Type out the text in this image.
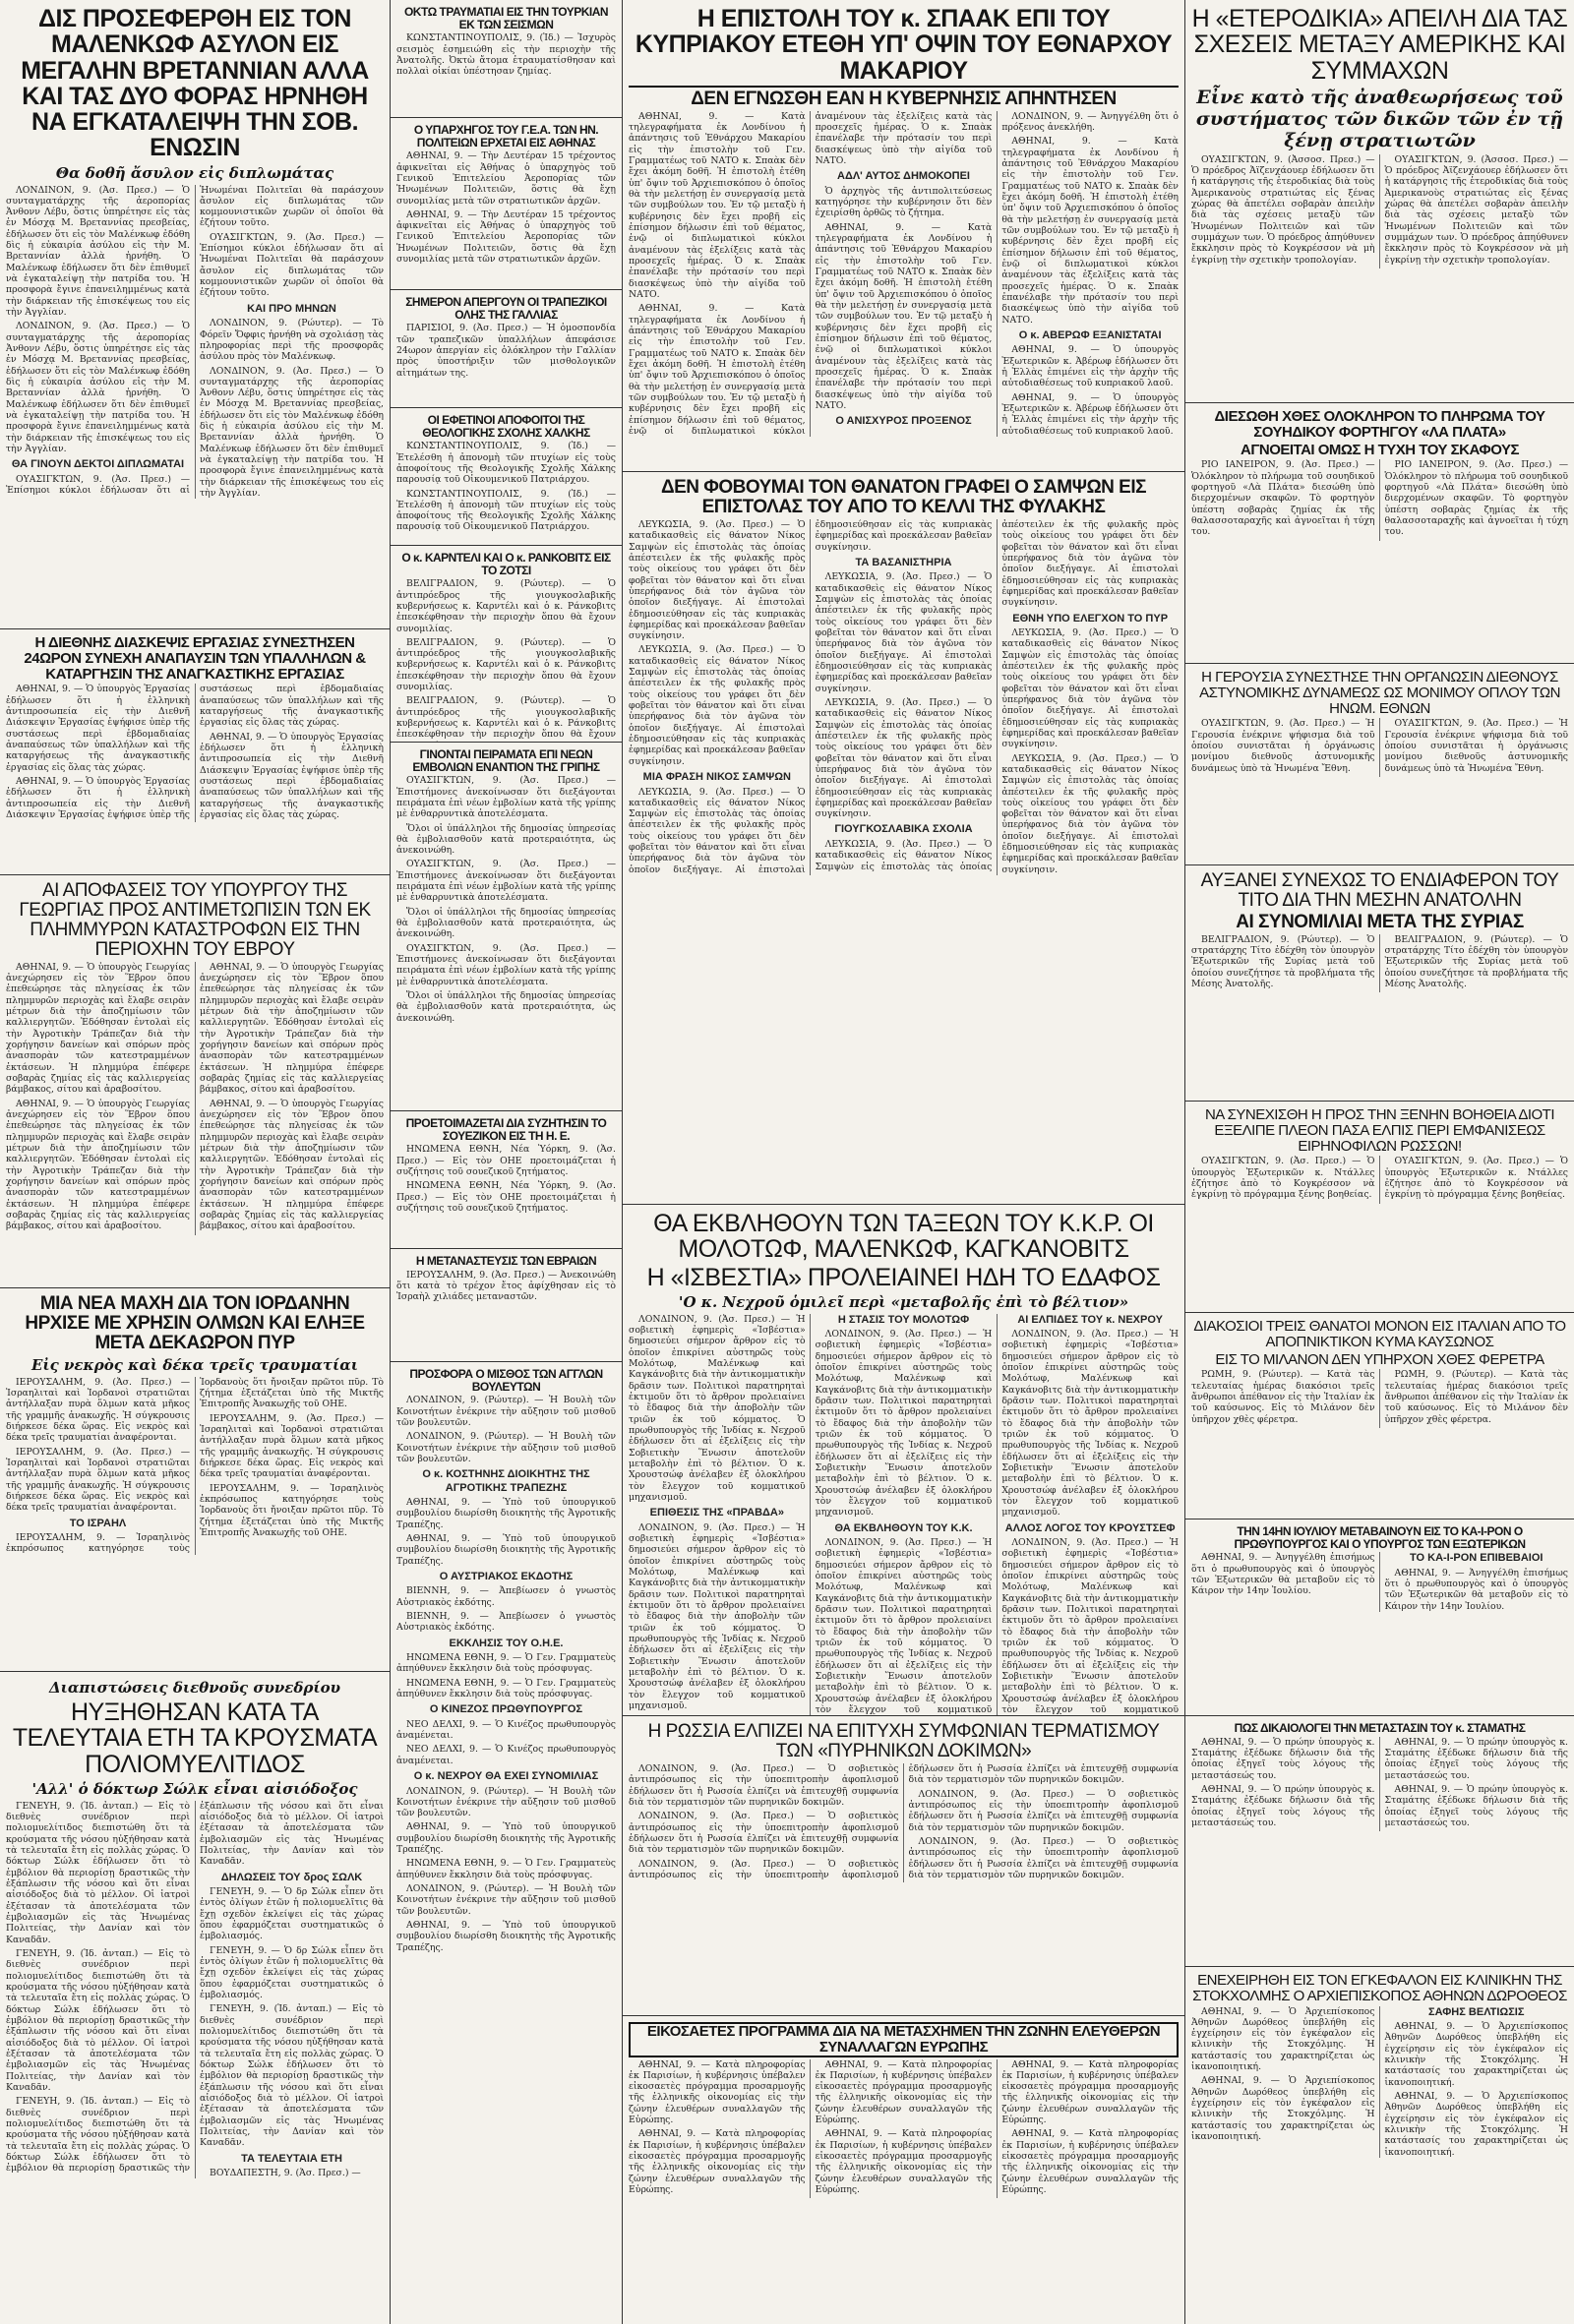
ΔΙΣ ΠΡΟΣΕΦΕΡΘΗ ΕΙΣ ΤΟΝ ΜΑΛΕΝΚΩΦ ΑΣΥΛΟΝ ΕΙΣ ΜΕΓΑΛΗΝ ΒΡΕΤΑΝΝΙΑΝ ΑΛΛΑ ΚΑΙ ΤΑΣ ΔΥΟ ΦΟΡΑΣ ΗΡΝΗΘΗ ΝΑ ΕΓΚΑΤΑΛΕΙΨΗ ΤΗΝ ΣΟΒ. ΕΝΩΣΙΝ
Θα δοθῆ ἄσυλον εἰς διπλωμάτας

ΛΟΝΔΙΝΟΝ, 9. (Ἀσ. Πρεσ.) — Ὁ συνταγματάρχης τῆς ἀεροπορίας Ἀνθονν Λέβυ, ὅστις ὑπηρέτησε εἰς τὰς ἐν Μόσχᾳ Μ. Βρεταννίας πρεσβείας, ἐδήλωσεν ὅτι εἰς τὸν Μαλένκωφ ἐδόθη δὶς ἡ εὐκαιρία ἀσύλου εἰς τὴν Μ. Βρεταννίαν ἀλλὰ ἠρνήθη. Ὁ Μαλένκωφ ἐδήλωσεν ὅτι δὲν ἐπιθυμεῖ νὰ ἐγκαταλείψῃ τὴν πατρίδα του. Ἡ προσφορὰ ἔγινε ἐπανειλημμένως κατὰ τὴν διάρκειαν τῆς ἐπισκέψεως του εἰς τὴν Ἀγγλίαν.

ΛΟΝΔΙΝΟΝ, 9. (Ἀσ. Πρεσ.) — Ὁ συνταγματάρχης τῆς ἀεροπορίας Ἀνθονν Λέβυ, ὅστις ὑπηρέτησε εἰς τὰς ἐν Μόσχᾳ Μ. Βρεταννίας πρεσβείας, ἐδήλωσεν ὅτι εἰς τὸν Μαλένκωφ ἐδόθη δὶς ἡ εὐκαιρία ἀσύλου εἰς τὴν Μ. Βρεταννίαν ἀλλὰ ἠρνήθη. Ὁ Μαλένκωφ ἐδήλωσεν ὅτι δὲν ἐπιθυμεῖ νὰ ἐγκαταλείψῃ τὴν πατρίδα του. Ἡ προσφορὰ ἔγινε ἐπανειλημμένως κατὰ τὴν διάρκειαν τῆς ἐπισκέψεως του εἰς τὴν Ἀγγλίαν.

ΘΑ ΓΙΝΟΥΝ ΔΕΚΤΟΙ ΔΙΠΛΩΜΑΤΑΙ

ΟΥΑΣΙΓΚΤΩΝ, 9. (Ἀσ. Πρεσ.) — Ἐπίσημοι κύκλοι ἐδήλωσαν ὅτι αἱ Ἡνωμέναι Πολιτεῖαι θὰ παράσχουν ἄσυλον εἰς διπλωμάτας τῶν κομμουνιστικῶν χωρῶν οἱ ὁποῖοι θὰ ἐζήτουν τοῦτο.

ΟΥΑΣΙΓΚΤΩΝ, 9. (Ἀσ. Πρεσ.) — Ἐπίσημοι κύκλοι ἐδήλωσαν ὅτι αἱ Ἡνωμέναι Πολιτεῖαι θὰ παράσχουν ἄσυλον εἰς διπλωμάτας τῶν κομμουνιστικῶν χωρῶν οἱ ὁποῖοι θὰ ἐζήτουν τοῦτο.

ΚΑΙ ΠΡΟ ΜΗΝΩΝ

ΛΟΝΔΙΝΟΝ, 9. (Ρώυτερ). — Τὸ Φόρεϊν Ὄφφις ἠρνήθη νὰ σχολιάσῃ τὰς πληροφορίας περὶ τῆς προσφορᾶς ἀσύλου πρὸς τὸν Μαλένκωφ.

ΛΟΝΔΙΝΟΝ, 9. (Ἀσ. Πρεσ.) — Ὁ συνταγματάρχης τῆς ἀεροπορίας Ἀνθονν Λέβυ, ὅστις ὑπηρέτησε εἰς τὰς ἐν Μόσχᾳ Μ. Βρεταννίας πρεσβείας, ἐδήλωσεν ὅτι εἰς τὸν Μαλένκωφ ἐδόθη δὶς ἡ εὐκαιρία ἀσύλου εἰς τὴν Μ. Βρεταννίαν ἀλλὰ ἠρνήθη. Ὁ Μαλένκωφ ἐδήλωσεν ὅτι δὲν ἐπιθυμεῖ νὰ ἐγκαταλείψῃ τὴν πατρίδα του. Ἡ προσφορὰ ἔγινε ἐπανειλημμένως κατὰ τὴν διάρκειαν τῆς ἐπισκέψεως του εἰς τὴν Ἀγγλίαν.

Η ΔΙΕΘΝΗΣ ΔΙΑΣΚΕΨΙΣ ΕΡΓΑΣΙΑΣ ΣΥΝΕΣΤΗΣΕΝ 24ΩΡΟΝ ΣΥΝΕΧΗ ΑΝΑΠΑΥΣΙΝ ΤΩΝ ΥΠΑΛΛΗΛΩΝ & ΚΑΤΑΡΓΗΣΙΝ ΤΗΣ ΑΝΑΓΚΑΣΤΙΚΗΣ ΕΡΓΑΣΙΑΣ

ΑΘΗΝΑΙ, 9. — Ὁ ὑπουργὸς Ἐργασίας ἐδήλωσεν ὅτι ἡ ἑλληνικὴ ἀντιπροσωπεία εἰς τὴν Διεθνῆ Διάσκεψιν Ἐργασίας ἐψήφισε ὑπὲρ τῆς συστάσεως περὶ ἑβδομαδιαίας ἀναπαύσεως τῶν ὑπαλλήλων καὶ τῆς καταργήσεως τῆς ἀναγκαστικῆς ἐργασίας εἰς ὅλας τὰς χώρας.

ΑΘΗΝΑΙ, 9. — Ὁ ὑπουργὸς Ἐργασίας ἐδήλωσεν ὅτι ἡ ἑλληνικὴ ἀντιπροσωπεία εἰς τὴν Διεθνῆ Διάσκεψιν Ἐργασίας ἐψήφισε ὑπὲρ τῆς συστάσεως περὶ ἑβδομαδιαίας ἀναπαύσεως τῶν ὑπαλλήλων καὶ τῆς καταργήσεως τῆς ἀναγκαστικῆς ἐργασίας εἰς ὅλας τὰς χώρας.

ΑΘΗΝΑΙ, 9. — Ὁ ὑπουργὸς Ἐργασίας ἐδήλωσεν ὅτι ἡ ἑλληνικὴ ἀντιπροσωπεία εἰς τὴν Διεθνῆ Διάσκεψιν Ἐργασίας ἐψήφισε ὑπὲρ τῆς συστάσεως περὶ ἑβδομαδιαίας ἀναπαύσεως τῶν ὑπαλλήλων καὶ τῆς καταργήσεως τῆς ἀναγκαστικῆς ἐργασίας εἰς ὅλας τὰς χώρας.

ΑΙ ΑΠΟΦΑΣΕΙΣ ΤΟΥ ΥΠΟΥΡΓΟΥ ΤΗΣ ΓΕΩΡΓΙΑΣ ΠΡΟΣ ΑΝΤΙΜΕΤΩΠΙΣΙΝ ΤΩΝ ΕΚ ΠΛΗΜΜΥΡΩΝ ΚΑΤΑΣΤΡΟΦΩΝ ΕΙΣ ΤΗΝ ΠΕΡΙΟΧΗΝ ΤΟΥ ΕΒΡΟΥ

ΑΘΗΝΑΙ, 9. — Ὁ ὑπουργὸς Γεωργίας ἀνεχώρησεν εἰς τὸν Ἕβρον ὅπου ἐπεθεώρησε τὰς πληγείσας ἐκ τῶν πλημμυρῶν περιοχὰς καὶ ἔλαβε σειρὰν μέτρων διὰ τὴν ἀποζημίωσιν τῶν καλλιεργητῶν. Ἐδόθησαν ἐντολαὶ εἰς τὴν Ἀγροτικὴν Τράπεζαν διὰ τὴν χορήγησιν δανείων καὶ σπόρων πρὸς ἀνασπορὰν τῶν κατεστραμμένων ἐκτάσεων. Ἡ πλημμύρα ἐπέφερε σοβαρὰς ζημίας εἰς τὰς καλλιεργείας βάμβακος, σίτου καὶ ἀραβοσίτου.

ΑΘΗΝΑΙ, 9. — Ὁ ὑπουργὸς Γεωργίας ἀνεχώρησεν εἰς τὸν Ἕβρον ὅπου ἐπεθεώρησε τὰς πληγείσας ἐκ τῶν πλημμυρῶν περιοχὰς καὶ ἔλαβε σειρὰν μέτρων διὰ τὴν ἀποζημίωσιν τῶν καλλιεργητῶν. Ἐδόθησαν ἐντολαὶ εἰς τὴν Ἀγροτικὴν Τράπεζαν διὰ τὴν χορήγησιν δανείων καὶ σπόρων πρὸς ἀνασπορὰν τῶν κατεστραμμένων ἐκτάσεων. Ἡ πλημμύρα ἐπέφερε σοβαρὰς ζημίας εἰς τὰς καλλιεργείας βάμβακος, σίτου καὶ ἀραβοσίτου.

ΑΘΗΝΑΙ, 9. — Ὁ ὑπουργὸς Γεωργίας ἀνεχώρησεν εἰς τὸν Ἕβρον ὅπου ἐπεθεώρησε τὰς πληγείσας ἐκ τῶν πλημμυρῶν περιοχὰς καὶ ἔλαβε σειρὰν μέτρων διὰ τὴν ἀποζημίωσιν τῶν καλλιεργητῶν. Ἐδόθησαν ἐντολαὶ εἰς τὴν Ἀγροτικὴν Τράπεζαν διὰ τὴν χορήγησιν δανείων καὶ σπόρων πρὸς ἀνασπορὰν τῶν κατεστραμμένων ἐκτάσεων. Ἡ πλημμύρα ἐπέφερε σοβαρὰς ζημίας εἰς τὰς καλλιεργείας βάμβακος, σίτου καὶ ἀραβοσίτου.

ΑΘΗΝΑΙ, 9. — Ὁ ὑπουργὸς Γεωργίας ἀνεχώρησεν εἰς τὸν Ἕβρον ὅπου ἐπεθεώρησε τὰς πληγείσας ἐκ τῶν πλημμυρῶν περιοχὰς καὶ ἔλαβε σειρὰν μέτρων διὰ τὴν ἀποζημίωσιν τῶν καλλιεργητῶν. Ἐδόθησαν ἐντολαὶ εἰς τὴν Ἀγροτικὴν Τράπεζαν διὰ τὴν χορήγησιν δανείων καὶ σπόρων πρὸς ἀνασπορὰν τῶν κατεστραμμένων ἐκτάσεων. Ἡ πλημμύρα ἐπέφερε σοβαρὰς ζημίας εἰς τὰς καλλιεργείας βάμβακος, σίτου καὶ ἀραβοσίτου.

ΜΙΑ ΝΕΑ ΜΑΧΗ ΔΙΑ ΤΟΝ ΙΟΡΔΑΝΗΝ ΗΡΧΙΣΕ ΜΕ ΧΡΗΣΙΝ ΟΛΜΩΝ ΚΑΙ ΕΛΗΞΕ ΜΕΤΑ ΔΕΚΑΩΡΟΝ ΠΥΡ
Εἰς νεκρὸς καὶ δέκα τρεῖς τραυματίαι

ΙΕΡΟΥΣΑΛΗΜ, 9. (Ἀσ. Πρεσ.) — Ἰσραηλιταὶ καὶ Ἰορδανοὶ στρατιῶται ἀντήλλαξαν πυρὰ ὅλμων κατὰ μῆκος τῆς γραμμῆς ἀνακωχῆς. Ἡ σύγκρουσις διήρκεσε δέκα ὥρας. Εἰς νεκρὸς καὶ δέκα τρεῖς τραυματίαι ἀναφέρονται.

ΙΕΡΟΥΣΑΛΗΜ, 9. (Ἀσ. Πρεσ.) — Ἰσραηλιταὶ καὶ Ἰορδανοὶ στρατιῶται ἀντήλλαξαν πυρὰ ὅλμων κατὰ μῆκος τῆς γραμμῆς ἀνακωχῆς. Ἡ σύγκρουσις διήρκεσε δέκα ὥρας. Εἰς νεκρὸς καὶ δέκα τρεῖς τραυματίαι ἀναφέρονται.

ΤΟ ΙΣΡΑΗΛ

ΙΕΡΟΥΣΑΛΗΜ, 9. — Ἰσραηλινὸς ἐκπρόσωπος κατηγόρησε τοὺς Ἰορδανοὺς ὅτι ἤνοιξαν πρῶτοι πῦρ. Τὸ ζήτημα ἐξετάζεται ὑπὸ τῆς Μικτῆς Ἐπιτροπῆς Ἀνακωχῆς τοῦ ΟΗΕ.

ΙΕΡΟΥΣΑΛΗΜ, 9. (Ἀσ. Πρεσ.) — Ἰσραηλιταὶ καὶ Ἰορδανοὶ στρατιῶται ἀντήλλαξαν πυρὰ ὅλμων κατὰ μῆκος τῆς γραμμῆς ἀνακωχῆς. Ἡ σύγκρουσις διήρκεσε δέκα ὥρας. Εἰς νεκρὸς καὶ δέκα τρεῖς τραυματίαι ἀναφέρονται.

ΙΕΡΟΥΣΑΛΗΜ, 9. — Ἰσραηλινὸς ἐκπρόσωπος κατηγόρησε τοὺς Ἰορδανοὺς ὅτι ἤνοιξαν πρῶτοι πῦρ. Τὸ ζήτημα ἐξετάζεται ὑπὸ τῆς Μικτῆς Ἐπιτροπῆς Ἀνακωχῆς τοῦ ΟΗΕ.

Διαπιστώσεις διεθνοῦς συνεδρίου
ΗΥΞΗΘΗΣΑΝ ΚΑΤΑ ΤΑ ΤΕΛΕΥΤΑΙΑ ΕΤΗ ΤΑ ΚΡΟΥΣΜΑΤΑ ΠΟΛΙΟΜΥΕΛΙΤΙΔΟΣ
'Αλλ' ὁ δόκτωρ Σώλκ εἶναι αἰσιόδοξος

ΓΕΝΕΥΗ, 9. (Ἰδ. ἀνταπ.) — Εἰς τὸ διεθνὲς συνέδριον περὶ πολιομυελίτιδος διεπιστώθη ὅτι τὰ κρούσματα τῆς νόσου ηὐξήθησαν κατὰ τὰ τελευταῖα ἔτη εἰς πολλὰς χώρας. Ὁ δόκτωρ Σώλκ ἐδήλωσεν ὅτι τὸ ἐμβόλιον θὰ περιορίσῃ δραστικῶς τὴν ἐξάπλωσιν τῆς νόσου καὶ ὅτι εἶναι αἰσιόδοξος διὰ τὸ μέλλον. Οἱ ἰατροὶ ἐξέτασαν τὰ ἀποτελέσματα τῶν ἐμβολιασμῶν εἰς τὰς Ἡνωμένας Πολιτείας, τὴν Δανίαν καὶ τὸν Καναδᾶν.

ΓΕΝΕΥΗ, 9. (Ἰδ. ἀνταπ.) — Εἰς τὸ διεθνὲς συνέδριον περὶ πολιομυελίτιδος διεπιστώθη ὅτι τὰ κρούσματα τῆς νόσου ηὐξήθησαν κατὰ τὰ τελευταῖα ἔτη εἰς πολλὰς χώρας. Ὁ δόκτωρ Σώλκ ἐδήλωσεν ὅτι τὸ ἐμβόλιον θὰ περιορίσῃ δραστικῶς τὴν ἐξάπλωσιν τῆς νόσου καὶ ὅτι εἶναι αἰσιόδοξος διὰ τὸ μέλλον. Οἱ ἰατροὶ ἐξέτασαν τὰ ἀποτελέσματα τῶν ἐμβολιασμῶν εἰς τὰς Ἡνωμένας Πολιτείας, τὴν Δανίαν καὶ τὸν Καναδᾶν.

ΓΕΝΕΥΗ, 9. (Ἰδ. ἀνταπ.) — Εἰς τὸ διεθνὲς συνέδριον περὶ πολιομυελίτιδος διεπιστώθη ὅτι τὰ κρούσματα τῆς νόσου ηὐξήθησαν κατὰ τὰ τελευταῖα ἔτη εἰς πολλὰς χώρας. Ὁ δόκτωρ Σώλκ ἐδήλωσεν ὅτι τὸ ἐμβόλιον θὰ περιορίσῃ δραστικῶς τὴν ἐξάπλωσιν τῆς νόσου καὶ ὅτι εἶναι αἰσιόδοξος διὰ τὸ μέλλον. Οἱ ἰατροὶ ἐξέτασαν τὰ ἀποτελέσματα τῶν ἐμβολιασμῶν εἰς τὰς Ἡνωμένας Πολιτείας, τὴν Δανίαν καὶ τὸν Καναδᾶν.

ΔΗΛΩΣΕΙΣ ΤΟΥ δρος ΣΩΛΚ

ΓΕΝΕΥΗ, 9. — Ὁ δρ Σώλκ εἶπεν ὅτι ἐντὸς ὀλίγων ἐτῶν ἡ πολιομυελῖτις θὰ ἔχῃ σχεδὸν ἐκλείψει εἰς τὰς χώρας ὅπου ἐφαρμόζεται συστηματικῶς ὁ ἐμβολιασμός.

ΓΕΝΕΥΗ, 9. — Ὁ δρ Σώλκ εἶπεν ὅτι ἐντὸς ὀλίγων ἐτῶν ἡ πολιομυελῖτις θὰ ἔχῃ σχεδὸν ἐκλείψει εἰς τὰς χώρας ὅπου ἐφαρμόζεται συστηματικῶς ὁ ἐμβολιασμός.

ΓΕΝΕΥΗ, 9. (Ἰδ. ἀνταπ.) — Εἰς τὸ διεθνὲς συνέδριον περὶ πολιομυελίτιδος διεπιστώθη ὅτι τὰ κρούσματα τῆς νόσου ηὐξήθησαν κατὰ τὰ τελευταῖα ἔτη εἰς πολλὰς χώρας. Ὁ δόκτωρ Σώλκ ἐδήλωσεν ὅτι τὸ ἐμβόλιον θὰ περιορίσῃ δραστικῶς τὴν ἐξάπλωσιν τῆς νόσου καὶ ὅτι εἶναι αἰσιόδοξος διὰ τὸ μέλλον. Οἱ ἰατροὶ ἐξέτασαν τὰ ἀποτελέσματα τῶν ἐμβολιασμῶν εἰς τὰς Ἡνωμένας Πολιτείας, τὴν Δανίαν καὶ τὸν Καναδᾶν.

ΤΑ ΤΕΛΕΥΤΑΙΑ ΕΤΗ

ΒΟΥΔΑΠΕΣΤΗ, 9. (Ἀσ. Πρεσ.) —

ΟΚΤΩ ΤΡΑΥΜΑΤΙΑΙ ΕΙΣ ΤΗΝ ΤΟΥΡΚΙΑΝ ΕΚ ΤΩΝ ΣΕΙΣΜΩΝ

ΚΩΝΣΤΑΝΤΙΝΟΥΠΟΛΙΣ, 9. (Ἰδ.) — Ἰσχυρὸς σεισμὸς ἐσημειώθη εἰς τὴν περιοχὴν τῆς Ἀνατολῆς. Ὀκτὼ ἄτομα ἐτραυματίσθησαν καὶ πολλαὶ οἰκίαι ὑπέστησαν ζημίας.

Ο ΥΠΑΡΧΗΓΟΣ ΤΟΥ Γ.Ε.Α. ΤΩΝ ΗΝ. ΠΟΛΙΤΕΙΩΝ ΕΡΧΕΤΑΙ ΕΙΣ ΑΘΗΝΑΣ

ΑΘΗΝΑΙ, 9. — Τὴν Δευτέραν 15 τρέχοντος ἀφικνεῖται εἰς Ἀθήνας ὁ ὑπαρχηγὸς τοῦ Γενικοῦ Ἐπιτελείου Ἀεροπορίας τῶν Ἡνωμένων Πολιτειῶν, ὅστις θὰ ἔχῃ συνομιλίας μετὰ τῶν στρατιωτικῶν ἀρχῶν.

ΑΘΗΝΑΙ, 9. — Τὴν Δευτέραν 15 τρέχοντος ἀφικνεῖται εἰς Ἀθήνας ὁ ὑπαρχηγὸς τοῦ Γενικοῦ Ἐπιτελείου Ἀεροπορίας τῶν Ἡνωμένων Πολιτειῶν, ὅστις θὰ ἔχῃ συνομιλίας μετὰ τῶν στρατιωτικῶν ἀρχῶν.

ΣΗΜΕΡΟΝ ΑΠΕΡΓΟΥΝ ΟΙ ΤΡΑΠΕΖΙΚΟΙ ΟΛΗΣ ΤΗΣ ΓΑΛΛΙΑΣ

ΠΑΡΙΣΙΟΙ, 9. (Ἀσ. Πρεσ.) — Ἡ ὁμοσπονδία τῶν τραπεζικῶν ὑπαλλήλων ἀπεφάσισε 24ωρον ἀπεργίαν εἰς ὁλόκληρον τὴν Γαλλίαν πρὸς ὑποστήριξιν τῶν μισθολογικῶν αἰτημάτων της.

ΟΙ ΕΦΕΤΙΝΟΙ ΑΠΟΦΟΙΤΟΙ ΤΗΣ ΘΕΟΛΟΓΙΚΗΣ ΣΧΟΛΗΣ ΧΑΛΚΗΣ

ΚΩΝΣΤΑΝΤΙΝΟΥΠΟΛΙΣ, 9. (Ἰδ.) — Ἐτελέσθη ἡ ἀπονομὴ τῶν πτυχίων εἰς τοὺς ἀποφοίτους τῆς Θεολογικῆς Σχολῆς Χάλκης παρουσίᾳ τοῦ Οἰκουμενικοῦ Πατριάρχου.

ΚΩΝΣΤΑΝΤΙΝΟΥΠΟΛΙΣ, 9. (Ἰδ.) — Ἐτελέσθη ἡ ἀπονομὴ τῶν πτυχίων εἰς τοὺς ἀποφοίτους τῆς Θεολογικῆς Σχολῆς Χάλκης παρουσίᾳ τοῦ Οἰκουμενικοῦ Πατριάρχου.

Ο κ. ΚΑΡΝΤΕΛΙ ΚΑΙ Ο κ. ΡΑΝΚΟΒΙΤΣ ΕΙΣ ΤΟ ΖΟΤΣΙ

ΒΕΛΙΓΡΑΔΙΟΝ, 9. (Ρώυτερ). — Ὁ ἀντιπρόεδρος τῆς γιουγκοσλαβικῆς κυβερνήσεως κ. Καρντέλι καὶ ὁ κ. Ράνκοβιτς ἐπεσκέφθησαν τὴν περιοχὴν ὅπου θὰ ἔχουν συνομιλίας.

ΒΕΛΙΓΡΑΔΙΟΝ, 9. (Ρώυτερ). — Ὁ ἀντιπρόεδρος τῆς γιουγκοσλαβικῆς κυβερνήσεως κ. Καρντέλι καὶ ὁ κ. Ράνκοβιτς ἐπεσκέφθησαν τὴν περιοχὴν ὅπου θὰ ἔχουν συνομιλίας.

ΒΕΛΙΓΡΑΔΙΟΝ, 9. (Ρώυτερ). — Ὁ ἀντιπρόεδρος τῆς γιουγκοσλαβικῆς κυβερνήσεως κ. Καρντέλι καὶ ὁ κ. Ράνκοβιτς ἐπεσκέφθησαν τὴν περιοχὴν ὅπου θὰ ἔχουν

ΓΙΝΟΝΤΑΙ ΠΕΙΡΑΜΑΤΑ ΕΠΙ ΝΕΩΝ ΕΜΒΟΛΙΩΝ ΕΝΑΝΤΙΟΝ ΤΗΣ ΓΡΙΠΗΣ

ΟΥΑΣΙΓΚΤΩΝ, 9. (Ἀσ. Πρεσ.) — Ἐπιστήμονες ἀνεκοίνωσαν ὅτι διεξάγονται πειράματα ἐπὶ νέων ἐμβολίων κατὰ τῆς γρίπης μὲ ἐνθαρρυντικὰ ἀποτελέσματα.

Ὅλοι οἱ ὑπάλληλοι τῆς δημοσίας ὑπηρεσίας θὰ ἐμβολιασθοῦν κατὰ προτεραιότητα, ὡς ἀνεκοινώθη.

ΟΥΑΣΙΓΚΤΩΝ, 9. (Ἀσ. Πρεσ.) — Ἐπιστήμονες ἀνεκοίνωσαν ὅτι διεξάγονται πειράματα ἐπὶ νέων ἐμβολίων κατὰ τῆς γρίπης μὲ ἐνθαρρυντικὰ ἀποτελέσματα.

Ὅλοι οἱ ὑπάλληλοι τῆς δημοσίας ὑπηρεσίας θὰ ἐμβολιασθοῦν κατὰ προτεραιότητα, ὡς ἀνεκοινώθη.

ΟΥΑΣΙΓΚΤΩΝ, 9. (Ἀσ. Πρεσ.) — Ἐπιστήμονες ἀνεκοίνωσαν ὅτι διεξάγονται πειράματα ἐπὶ νέων ἐμβολίων κατὰ τῆς γρίπης μὲ ἐνθαρρυντικὰ ἀποτελέσματα.

Ὅλοι οἱ ὑπάλληλοι τῆς δημοσίας ὑπηρεσίας θὰ ἐμβολιασθοῦν κατὰ προτεραιότητα, ὡς ἀνεκοινώθη.

ΠΡΟΕΤΟΙΜΑΖΕΤΑΙ ΔΙΑ ΣΥΖΗΤΗΣΙΝ ΤΟ ΣΟΥΕΖΙΚΟΝ ΕΙΣ ΤΗ Η. Ε.

ΗΝΩΜΕΝΑ ΕΘΝΗ, Νέα Ὑόρκη, 9. (Ἀσ. Πρεσ.) — Εἰς τὸν ΟΗΕ προετοιμάζεται ἡ συζήτησις τοῦ σουεζικοῦ ζητήματος.

ΗΝΩΜΕΝΑ ΕΘΝΗ, Νέα Ὑόρκη, 9. (Ἀσ. Πρεσ.) — Εἰς τὸν ΟΗΕ προετοιμάζεται ἡ συζήτησις τοῦ σουεζικοῦ ζητήματος.

Η ΜΕΤΑΝΑΣΤΕΥΣΙΣ ΤΩΝ ΕΒΡΑΙΩΝ

ΙΕΡΟΥΣΑΛΗΜ, 9. (Ἀσ. Πρεσ.) — Ἀνεκοινώθη ὅτι κατὰ τὸ τρέχον ἔτος ἀφίχθησαν εἰς τὸ Ἰσραὴλ χιλιάδες μεταναστῶν.

ΠΡΟΣΦΟΡΑ Ο ΜΙΣΘΟΣ ΤΩΝ ΑΓΓΛΩΝ ΒΟΥΛΕΥΤΩΝ

ΛΟΝΔΙΝΟΝ, 9. (Ρώυτερ). — Ἡ Βουλὴ τῶν Κοινοτήτων ἐνέκρινε τὴν αὔξησιν τοῦ μισθοῦ τῶν βουλευτῶν.

ΛΟΝΔΙΝΟΝ, 9. (Ρώυτερ). — Ἡ Βουλὴ τῶν Κοινοτήτων ἐνέκρινε τὴν αὔξησιν τοῦ μισθοῦ τῶν βουλευτῶν.

Ο κ. ΚΟΣΤΗΝΗΣ ΔΙΟΙΚΗΤΗΣ ΤΗΣ ΑΓΡΟΤΙΚΗΣ ΤΡΑΠΕΖΗΣ

ΑΘΗΝΑΙ, 9. — Ὑπὸ τοῦ ὑπουργικοῦ συμβουλίου διωρίσθη διοικητὴς τῆς Ἀγροτικῆς Τραπέζης.

ΑΘΗΝΑΙ, 9. — Ὑπὸ τοῦ ὑπουργικοῦ συμβουλίου διωρίσθη διοικητὴς τῆς Ἀγροτικῆς Τραπέζης.

Ο ΑΥΣΤΡΙΑΚΟΣ ΕΚΔΟΤΗΣ

ΒΙΕΝΝΗ, 9. — Ἀπεβίωσεν ὁ γνωστὸς Αὐστριακὸς ἐκδότης.

ΒΙΕΝΝΗ, 9. — Ἀπεβίωσεν ὁ γνωστὸς Αὐστριακὸς ἐκδότης.

ΕΚΚΛΗΣΙΣ ΤΟΥ Ο.Η.Ε.

ΗΝΩΜΕΝΑ ΕΘΝΗ, 9. — Ὁ Γεν. Γραμματεὺς ἀπηύθυνεν ἔκκλησιν διὰ τοὺς πρόσφυγας.

ΗΝΩΜΕΝΑ ΕΘΝΗ, 9. — Ὁ Γεν. Γραμματεὺς ἀπηύθυνεν ἔκκλησιν διὰ τοὺς πρόσφυγας.

Ο ΚΙΝΕΖΟΣ ΠΡΩΘΥΠΟΥΡΓΟΣ

ΝΕΟ ΔΕΛΧΙ, 9. — Ὁ Κινέζος πρωθυπουργὸς ἀναμένεται.

ΝΕΟ ΔΕΛΧΙ, 9. — Ὁ Κινέζος πρωθυπουργὸς ἀναμένεται.

Ο κ. ΝΕΧΡΟΥ ΘΑ ΕΧΕΙ ΣΥΝΟΜΙΛΙΑΣ

ΛΟΝΔΙΝΟΝ, 9. (Ρώυτερ). — Ἡ Βουλὴ τῶν Κοινοτήτων ἐνέκρινε τὴν αὔξησιν τοῦ μισθοῦ τῶν βουλευτῶν.

ΑΘΗΝΑΙ, 9. — Ὑπὸ τοῦ ὑπουργικοῦ συμβουλίου διωρίσθη διοικητὴς τῆς Ἀγροτικῆς Τραπέζης.

ΗΝΩΜΕΝΑ ΕΘΝΗ, 9. — Ὁ Γεν. Γραμματεὺς ἀπηύθυνεν ἔκκλησιν διὰ τοὺς πρόσφυγας.

ΛΟΝΔΙΝΟΝ, 9. (Ρώυτερ). — Ἡ Βουλὴ τῶν Κοινοτήτων ἐνέκρινε τὴν αὔξησιν τοῦ μισθοῦ τῶν βουλευτῶν.

ΑΘΗΝΑΙ, 9. — Ὑπὸ τοῦ ὑπουργικοῦ συμβουλίου διωρίσθη διοικητὴς τῆς Ἀγροτικῆς Τραπέζης.

Η ΕΠΙΣΤΟΛΗ ΤΟΥ κ. ΣΠΑΑΚ ΕΠΙ ΤΟΥ ΚΥΠΡΙΑΚΟΥ ΕΤΕΘΗ ΥΠ' ΟΨΙΝ ΤΟΥ ΕΘΝΑΡΧΟΥ ΜΑΚΑΡΙΟΥ
ΔΕΝ ΕΓΝΩΣΘΗ ΕΑΝ Η ΚΥΒΕΡΝΗΣΙΣ ΑΠΗΝΤΗΣΕΝ

ΑΘΗΝΑΙ, 9. — Κατὰ τηλεγραφήματα ἐκ Λονδίνου ἡ ἀπάντησις τοῦ Ἐθνάρχου Μακαρίου εἰς τὴν ἐπιστολὴν τοῦ Γεν. Γραμματέως τοῦ ΝΑΤΟ κ. Σπαὰκ δὲν ἔχει ἀκόμη δοθῆ. Ἡ ἐπιστολὴ ἐτέθη ὑπ' ὄψιν τοῦ Ἀρχιεπισκόπου ὁ ὁποῖος θὰ τὴν μελετήσῃ ἐν συνεργασίᾳ μετὰ τῶν συμβούλων του. Ἐν τῷ μεταξὺ ἡ κυβέρνησις δὲν ἔχει προβῆ εἰς ἐπίσημον δήλωσιν ἐπὶ τοῦ θέματος, ἐνῷ οἱ διπλωματικοὶ κύκλοι ἀναμένουν τὰς ἐξελίξεις κατὰ τὰς προσεχεῖς ἡμέρας. Ὁ κ. Σπαὰκ ἐπανέλαβε τὴν πρότασίν του περὶ διασκέψεως ὑπὸ τὴν αἰγίδα τοῦ ΝΑΤΟ.

ΑΘΗΝΑΙ, 9. — Κατὰ τηλεγραφήματα ἐκ Λονδίνου ἡ ἀπάντησις τοῦ Ἐθνάρχου Μακαρίου εἰς τὴν ἐπιστολὴν τοῦ Γεν. Γραμματέως τοῦ ΝΑΤΟ κ. Σπαὰκ δὲν ἔχει ἀκόμη δοθῆ. Ἡ ἐπιστολὴ ἐτέθη ὑπ' ὄψιν τοῦ Ἀρχιεπισκόπου ὁ ὁποῖος θὰ τὴν μελετήσῃ ἐν συνεργασίᾳ μετὰ τῶν συμβούλων του. Ἐν τῷ μεταξὺ ἡ κυβέρνησις δὲν ἔχει προβῆ εἰς ἐπίσημον δήλωσιν ἐπὶ τοῦ θέματος, ἐνῷ οἱ διπλωματικοὶ κύκλοι ἀναμένουν τὰς ἐξελίξεις κατὰ τὰς προσεχεῖς ἡμέρας. Ὁ κ. Σπαὰκ ἐπανέλαβε τὴν πρότασίν του περὶ διασκέψεως ὑπὸ τὴν αἰγίδα τοῦ ΝΑΤΟ.

ΑΔΛ' ΑΥΤΟΣ ΔΗΜΟΚΟΠΕΙ

Ὁ ἀρχηγὸς τῆς ἀντιπολιτεύσεως κατηγόρησε τὴν κυβέρνησιν ὅτι δὲν ἐχειρίσθη ὀρθῶς τὸ ζήτημα.

ΑΘΗΝΑΙ, 9. — Κατὰ τηλεγραφήματα ἐκ Λονδίνου ἡ ἀπάντησις τοῦ Ἐθνάρχου Μακαρίου εἰς τὴν ἐπιστολὴν τοῦ Γεν. Γραμματέως τοῦ ΝΑΤΟ κ. Σπαὰκ δὲν ἔχει ἀκόμη δοθῆ. Ἡ ἐπιστολὴ ἐτέθη ὑπ' ὄψιν τοῦ Ἀρχιεπισκόπου ὁ ὁποῖος θὰ τὴν μελετήσῃ ἐν συνεργασίᾳ μετὰ τῶν συμβούλων του. Ἐν τῷ μεταξὺ ἡ κυβέρνησις δὲν ἔχει προβῆ εἰς ἐπίσημον δήλωσιν ἐπὶ τοῦ θέματος, ἐνῷ οἱ διπλωματικοὶ κύκλοι ἀναμένουν τὰς ἐξελίξεις κατὰ τὰς προσεχεῖς ἡμέρας. Ὁ κ. Σπαὰκ ἐπανέλαβε τὴν πρότασίν του περὶ διασκέψεως ὑπὸ τὴν αἰγίδα τοῦ ΝΑΤΟ.

Ο ΑΝΙΣΧΥΡΟΣ ΠΡΟΞΕΝΟΣ

ΛΟΝΔΙΝΟΝ, 9. — Ἀνηγγέλθη ὅτι ὁ πρόξενος ἀνεκλήθη.

ΑΘΗΝΑΙ, 9. — Κατὰ τηλεγραφήματα ἐκ Λονδίνου ἡ ἀπάντησις τοῦ Ἐθνάρχου Μακαρίου εἰς τὴν ἐπιστολὴν τοῦ Γεν. Γραμματέως τοῦ ΝΑΤΟ κ. Σπαὰκ δὲν ἔχει ἀκόμη δοθῆ. Ἡ ἐπιστολὴ ἐτέθη ὑπ' ὄψιν τοῦ Ἀρχιεπισκόπου ὁ ὁποῖος θὰ τὴν μελετήσῃ ἐν συνεργασίᾳ μετὰ τῶν συμβούλων του. Ἐν τῷ μεταξὺ ἡ κυβέρνησις δὲν ἔχει προβῆ εἰς ἐπίσημον δήλωσιν ἐπὶ τοῦ θέματος, ἐνῷ οἱ διπλωματικοὶ κύκλοι ἀναμένουν τὰς ἐξελίξεις κατὰ τὰς προσεχεῖς ἡμέρας. Ὁ κ. Σπαὰκ ἐπανέλαβε τὴν πρότασίν του περὶ διασκέψεως ὑπὸ τὴν αἰγίδα τοῦ ΝΑΤΟ.

Ο κ. ΑΒΕΡΩΦ ΕΞΑΝΙΣΤΑΤΑΙ

ΑΘΗΝΑΙ, 9. — Ὁ ὑπουργὸς Ἐξωτερικῶν κ. Ἀβέρωφ ἐδήλωσεν ὅτι ἡ Ἑλλὰς ἐπιμένει εἰς τὴν ἀρχὴν τῆς αὐτοδιαθέσεως τοῦ κυπριακοῦ λαοῦ.

ΑΘΗΝΑΙ, 9. — Ὁ ὑπουργὸς Ἐξωτερικῶν κ. Ἀβέρωφ ἐδήλωσεν ὅτι ἡ Ἑλλὰς ἐπιμένει εἰς τὴν ἀρχὴν τῆς αὐτοδιαθέσεως τοῦ κυπριακοῦ λαοῦ.

ΔΕΝ ΦΟΒΟΥΜΑΙ ΤΟΝ ΘΑΝΑΤΟΝ ΓΡΑΦΕΙ Ο ΣΑΜΨΩΝ ΕΙΣ ΕΠΙΣΤΟΛΑΣ ΤΟΥ ΑΠΟ ΤΟ ΚΕΛΛΙ ΤΗΣ ΦΥΛΑΚΗΣ

ΛΕΥΚΩΣΙΑ, 9. (Ἀσ. Πρεσ.) — Ὁ καταδικασθεὶς εἰς θάνατον Νίκος Σαμψὼν εἰς ἐπιστολὰς τὰς ὁποίας ἀπέστειλεν ἐκ τῆς φυλακῆς πρὸς τοὺς οἰκείους του γράφει ὅτι δὲν φοβεῖται τὸν θάνατον καὶ ὅτι εἶναι ὑπερήφανος διὰ τὸν ἀγῶνα τὸν ὁποῖον διεξήγαγε. Αἱ ἐπιστολαὶ ἐδημοσιεύθησαν εἰς τὰς κυπριακὰς ἐφημερίδας καὶ προεκάλεσαν βαθεῖαν συγκίνησιν.

ΛΕΥΚΩΣΙΑ, 9. (Ἀσ. Πρεσ.) — Ὁ καταδικασθεὶς εἰς θάνατον Νίκος Σαμψὼν εἰς ἐπιστολὰς τὰς ὁποίας ἀπέστειλεν ἐκ τῆς φυλακῆς πρὸς τοὺς οἰκείους του γράφει ὅτι δὲν φοβεῖται τὸν θάνατον καὶ ὅτι εἶναι ὑπερήφανος διὰ τὸν ἀγῶνα τὸν ὁποῖον διεξήγαγε. Αἱ ἐπιστολαὶ ἐδημοσιεύθησαν εἰς τὰς κυπριακὰς ἐφημερίδας καὶ προεκάλεσαν βαθεῖαν συγκίνησιν.

ΜΙΑ ΦΡΑΣΗ ΝΙΚΟΣ ΣΑΜΨΩΝ

ΛΕΥΚΩΣΙΑ, 9. (Ἀσ. Πρεσ.) — Ὁ καταδικασθεὶς εἰς θάνατον Νίκος Σαμψὼν εἰς ἐπιστολὰς τὰς ὁποίας ἀπέστειλεν ἐκ τῆς φυλακῆς πρὸς τοὺς οἰκείους του γράφει ὅτι δὲν φοβεῖται τὸν θάνατον καὶ ὅτι εἶναι ὑπερήφανος διὰ τὸν ἀγῶνα τὸν ὁποῖον διεξήγαγε. Αἱ ἐπιστολαὶ ἐδημοσιεύθησαν εἰς τὰς κυπριακὰς ἐφημερίδας καὶ προεκάλεσαν βαθεῖαν συγκίνησιν.

ΤΑ ΒΑΣΑΝΙΣΤΗΡΙΑ

ΛΕΥΚΩΣΙΑ, 9. (Ἀσ. Πρεσ.) — Ὁ καταδικασθεὶς εἰς θάνατον Νίκος Σαμψὼν εἰς ἐπιστολὰς τὰς ὁποίας ἀπέστειλεν ἐκ τῆς φυλακῆς πρὸς τοὺς οἰκείους του γράφει ὅτι δὲν φοβεῖται τὸν θάνατον καὶ ὅτι εἶναι ὑπερήφανος διὰ τὸν ἀγῶνα τὸν ὁποῖον διεξήγαγε. Αἱ ἐπιστολαὶ ἐδημοσιεύθησαν εἰς τὰς κυπριακὰς ἐφημερίδας καὶ προεκάλεσαν βαθεῖαν συγκίνησιν.

ΛΕΥΚΩΣΙΑ, 9. (Ἀσ. Πρεσ.) — Ὁ καταδικασθεὶς εἰς θάνατον Νίκος Σαμψὼν εἰς ἐπιστολὰς τὰς ὁποίας ἀπέστειλεν ἐκ τῆς φυλακῆς πρὸς τοὺς οἰκείους του γράφει ὅτι δὲν φοβεῖται τὸν θάνατον καὶ ὅτι εἶναι ὑπερήφανος διὰ τὸν ἀγῶνα τὸν ὁποῖον διεξήγαγε. Αἱ ἐπιστολαὶ ἐδημοσιεύθησαν εἰς τὰς κυπριακὰς ἐφημερίδας καὶ προεκάλεσαν βαθεῖαν συγκίνησιν.

ΓΙΟΥΓΚΟΣΛΑΒΙΚΑ ΣΧΟΛΙΑ

ΛΕΥΚΩΣΙΑ, 9. (Ἀσ. Πρεσ.) — Ὁ καταδικασθεὶς εἰς θάνατον Νίκος Σαμψὼν εἰς ἐπιστολὰς τὰς ὁποίας ἀπέστειλεν ἐκ τῆς φυλακῆς πρὸς τοὺς οἰκείους του γράφει ὅτι δὲν φοβεῖται τὸν θάνατον καὶ ὅτι εἶναι ὑπερήφανος διὰ τὸν ἀγῶνα τὸν ὁποῖον διεξήγαγε. Αἱ ἐπιστολαὶ ἐδημοσιεύθησαν εἰς τὰς κυπριακὰς ἐφημερίδας καὶ προεκάλεσαν βαθεῖαν συγκίνησιν.

ΕΘΝΗ ΥΠΟ ΕΛΕΓΧΟΝ ΤΟ ΠΥΡ

ΛΕΥΚΩΣΙΑ, 9. (Ἀσ. Πρεσ.) — Ὁ καταδικασθεὶς εἰς θάνατον Νίκος Σαμψὼν εἰς ἐπιστολὰς τὰς ὁποίας ἀπέστειλεν ἐκ τῆς φυλακῆς πρὸς τοὺς οἰκείους του γράφει ὅτι δὲν φοβεῖται τὸν θάνατον καὶ ὅτι εἶναι ὑπερήφανος διὰ τὸν ἀγῶνα τὸν ὁποῖον διεξήγαγε. Αἱ ἐπιστολαὶ ἐδημοσιεύθησαν εἰς τὰς κυπριακὰς ἐφημερίδας καὶ προεκάλεσαν βαθεῖαν συγκίνησιν.

ΛΕΥΚΩΣΙΑ, 9. (Ἀσ. Πρεσ.) — Ὁ καταδικασθεὶς εἰς θάνατον Νίκος Σαμψὼν εἰς ἐπιστολὰς τὰς ὁποίας ἀπέστειλεν ἐκ τῆς φυλακῆς πρὸς τοὺς οἰκείους του γράφει ὅτι δὲν φοβεῖται τὸν θάνατον καὶ ὅτι εἶναι ὑπερήφανος διὰ τὸν ἀγῶνα τὸν ὁποῖον διεξήγαγε. Αἱ ἐπιστολαὶ ἐδημοσιεύθησαν εἰς τὰς κυπριακὰς ἐφημερίδας καὶ προεκάλεσαν βαθεῖαν συγκίνησιν.

ΘΑ ΕΚΒΛΗΘΟΥΝ ΤΩΝ ΤΑΞΕΩΝ ΤΟΥ Κ.Κ.Ρ. ΟΙ ΜΟΛΟΤΩΦ, ΜΑΛΕΝΚΩΦ, ΚΑΓΚΑΝΟΒΙΤΣ
Η «ΙΣΒΕΣΤΙΑ» ΠΡΟΛΕΙΑΙΝΕΙ ΗΔΗ ΤΟ ΕΔΑΦΟΣ
'Ο κ. Νεχροῦ ὁμιλεῖ περὶ «μεταβολῆς ἐπὶ τὸ βέλτιον»

ΛΟΝΔΙΝΟΝ, 9. (Ἀσ. Πρεσ.) — Ἡ σοβιετικὴ ἐφημερὶς «Ἰσβέστια» δημοσιεύει σήμερον ἄρθρον εἰς τὸ ὁποῖον ἐπικρίνει αὐστηρῶς τοὺς Μολότωφ, Μαλένκωφ καὶ Καγκάνοβιτς διὰ τὴν ἀντικομματικὴν δρᾶσιν των. Πολιτικοὶ παρατηρηταὶ ἐκτιμοῦν ὅτι τὸ ἄρθρον προλειαίνει τὸ ἔδαφος διὰ τὴν ἀποβολὴν τῶν τριῶν ἐκ τοῦ κόμματος. Ὁ πρωθυπουργὸς τῆς Ἰνδίας κ. Νεχροῦ ἐδήλωσεν ὅτι αἱ ἐξελίξεις εἰς τὴν Σοβιετικὴν Ἕνωσιν ἀποτελοῦν μεταβολὴν ἐπὶ τὸ βέλτιον. Ὁ κ. Χρουστσώφ ἀνέλαβεν ἐξ ὁλοκλήρου τὸν ἔλεγχον τοῦ κομματικοῦ μηχανισμοῦ.

ΕΠΙΘΕΣΙΣ ΤΗΣ «ΠΡΑΒΔΑ»

ΛΟΝΔΙΝΟΝ, 9. (Ἀσ. Πρεσ.) — Ἡ σοβιετικὴ ἐφημερὶς «Ἰσβέστια» δημοσιεύει σήμερον ἄρθρον εἰς τὸ ὁποῖον ἐπικρίνει αὐστηρῶς τοὺς Μολότωφ, Μαλένκωφ καὶ Καγκάνοβιτς διὰ τὴν ἀντικομματικὴν δρᾶσιν των. Πολιτικοὶ παρατηρηταὶ ἐκτιμοῦν ὅτι τὸ ἄρθρον προλειαίνει τὸ ἔδαφος διὰ τὴν ἀποβολὴν τῶν τριῶν ἐκ τοῦ κόμματος. Ὁ πρωθυπουργὸς τῆς Ἰνδίας κ. Νεχροῦ ἐδήλωσεν ὅτι αἱ ἐξελίξεις εἰς τὴν Σοβιετικὴν Ἕνωσιν ἀποτελοῦν μεταβολὴν ἐπὶ τὸ βέλτιον. Ὁ κ. Χρουστσώφ ἀνέλαβεν ἐξ ὁλοκλήρου τὸν ἔλεγχον τοῦ κομματικοῦ μηχανισμοῦ.

Η ΣΤΑΣΙΣ ΤΟΥ ΜΟΛΟΤΩΦ

ΛΟΝΔΙΝΟΝ, 9. (Ἀσ. Πρεσ.) — Ἡ σοβιετικὴ ἐφημερὶς «Ἰσβέστια» δημοσιεύει σήμερον ἄρθρον εἰς τὸ ὁποῖον ἐπικρίνει αὐστηρῶς τοὺς Μολότωφ, Μαλένκωφ καὶ Καγκάνοβιτς διὰ τὴν ἀντικομματικὴν δρᾶσιν των. Πολιτικοὶ παρατηρηταὶ ἐκτιμοῦν ὅτι τὸ ἄρθρον προλειαίνει τὸ ἔδαφος διὰ τὴν ἀποβολὴν τῶν τριῶν ἐκ τοῦ κόμματος. Ὁ πρωθυπουργὸς τῆς Ἰνδίας κ. Νεχροῦ ἐδήλωσεν ὅτι αἱ ἐξελίξεις εἰς τὴν Σοβιετικὴν Ἕνωσιν ἀποτελοῦν μεταβολὴν ἐπὶ τὸ βέλτιον. Ὁ κ. Χρουστσώφ ἀνέλαβεν ἐξ ὁλοκλήρου τὸν ἔλεγχον τοῦ κομματικοῦ μηχανισμοῦ.

ΘΑ ΕΚΒΛΗΘΟΥΝ ΤΟΥ Κ.Κ.

ΛΟΝΔΙΝΟΝ, 9. (Ἀσ. Πρεσ.) — Ἡ σοβιετικὴ ἐφημερὶς «Ἰσβέστια» δημοσιεύει σήμερον ἄρθρον εἰς τὸ ὁποῖον ἐπικρίνει αὐστηρῶς τοὺς Μολότωφ, Μαλένκωφ καὶ Καγκάνοβιτς διὰ τὴν ἀντικομματικὴν δρᾶσιν των. Πολιτικοὶ παρατηρηταὶ ἐκτιμοῦν ὅτι τὸ ἄρθρον προλειαίνει τὸ ἔδαφος διὰ τὴν ἀποβολὴν τῶν τριῶν ἐκ τοῦ κόμματος. Ὁ πρωθυπουργὸς τῆς Ἰνδίας κ. Νεχροῦ ἐδήλωσεν ὅτι αἱ ἐξελίξεις εἰς τὴν Σοβιετικὴν Ἕνωσιν ἀποτελοῦν μεταβολὴν ἐπὶ τὸ βέλτιον. Ὁ κ. Χρουστσώφ ἀνέλαβεν ἐξ ὁλοκλήρου τὸν ἔλεγχον τοῦ κομματικοῦ

ΑΙ ΕΛΠΙΔΕΣ ΤΟΥ κ. ΝΕΧΡΟΥ

ΛΟΝΔΙΝΟΝ, 9. (Ἀσ. Πρεσ.) — Ἡ σοβιετικὴ ἐφημερὶς «Ἰσβέστια» δημοσιεύει σήμερον ἄρθρον εἰς τὸ ὁποῖον ἐπικρίνει αὐστηρῶς τοὺς Μολότωφ, Μαλένκωφ καὶ Καγκάνοβιτς διὰ τὴν ἀντικομματικὴν δρᾶσιν των. Πολιτικοὶ παρατηρηταὶ ἐκτιμοῦν ὅτι τὸ ἄρθρον προλειαίνει τὸ ἔδαφος διὰ τὴν ἀποβολὴν τῶν τριῶν ἐκ τοῦ κόμματος. Ὁ πρωθυπουργὸς τῆς Ἰνδίας κ. Νεχροῦ ἐδήλωσεν ὅτι αἱ ἐξελίξεις εἰς τὴν Σοβιετικὴν Ἕνωσιν ἀποτελοῦν μεταβολὴν ἐπὶ τὸ βέλτιον. Ὁ κ. Χρουστσώφ ἀνέλαβεν ἐξ ὁλοκλήρου τὸν ἔλεγχον τοῦ κομματικοῦ μηχανισμοῦ.

ΑΛΛΟΣ ΛΟΓΟΣ ΤΟΥ ΚΡΟΥΣΤΣΕΦ

ΛΟΝΔΙΝΟΝ, 9. (Ἀσ. Πρεσ.) — Ἡ σοβιετικὴ ἐφημερὶς «Ἰσβέστια» δημοσιεύει σήμερον ἄρθρον εἰς τὸ ὁποῖον ἐπικρίνει αὐστηρῶς τοὺς Μολότωφ, Μαλένκωφ καὶ Καγκάνοβιτς διὰ τὴν ἀντικομματικὴν δρᾶσιν των. Πολιτικοὶ παρατηρηταὶ ἐκτιμοῦν ὅτι τὸ ἄρθρον προλειαίνει τὸ ἔδαφος διὰ τὴν ἀποβολὴν τῶν τριῶν ἐκ τοῦ κόμματος. Ὁ πρωθυπουργὸς τῆς Ἰνδίας κ. Νεχροῦ ἐδήλωσεν ὅτι αἱ ἐξελίξεις εἰς τὴν Σοβιετικὴν Ἕνωσιν ἀποτελοῦν μεταβολὴν ἐπὶ τὸ βέλτιον. Ὁ κ. Χρουστσώφ ἀνέλαβεν ἐξ ὁλοκλήρου τὸν ἔλεγχον τοῦ κομματικοῦ

Η ΡΩΣΣΙΑ ΕΛΠΙΖΕΙ ΝΑ ΕΠΙΤΥΧΗ ΣΥΜΦΩΝΙΑΝ ΤΕΡΜΑΤΙΣΜΟΥ ΤΩΝ «ΠΥΡΗΝΙΚΩΝ ΔΟΚΙΜΩΝ»

ΛΟΝΔΙΝΟΝ, 9. (Ἀσ. Πρεσ.) — Ὁ σοβιετικὸς ἀντιπρόσωπος εἰς τὴν ὑποεπιτροπὴν ἀφοπλισμοῦ ἐδήλωσεν ὅτι ἡ Ρωσσία ἐλπίζει νὰ ἐπιτευχθῇ συμφωνία διὰ τὸν τερματισμὸν τῶν πυρηνικῶν δοκιμῶν.

ΛΟΝΔΙΝΟΝ, 9. (Ἀσ. Πρεσ.) — Ὁ σοβιετικὸς ἀντιπρόσωπος εἰς τὴν ὑποεπιτροπὴν ἀφοπλισμοῦ ἐδήλωσεν ὅτι ἡ Ρωσσία ἐλπίζει νὰ ἐπιτευχθῇ συμφωνία διὰ τὸν τερματισμὸν τῶν πυρηνικῶν δοκιμῶν.

ΛΟΝΔΙΝΟΝ, 9. (Ἀσ. Πρεσ.) — Ὁ σοβιετικὸς ἀντιπρόσωπος εἰς τὴν ὑποεπιτροπὴν ἀφοπλισμοῦ ἐδήλωσεν ὅτι ἡ Ρωσσία ἐλπίζει νὰ ἐπιτευχθῇ συμφωνία διὰ τὸν τερματισμὸν τῶν πυρηνικῶν δοκιμῶν.

ΛΟΝΔΙΝΟΝ, 9. (Ἀσ. Πρεσ.) — Ὁ σοβιετικὸς ἀντιπρόσωπος εἰς τὴν ὑποεπιτροπὴν ἀφοπλισμοῦ ἐδήλωσεν ὅτι ἡ Ρωσσία ἐλπίζει νὰ ἐπιτευχθῇ συμφωνία διὰ τὸν τερματισμὸν τῶν πυρηνικῶν δοκιμῶν.

ΛΟΝΔΙΝΟΝ, 9. (Ἀσ. Πρεσ.) — Ὁ σοβιετικὸς ἀντιπρόσωπος εἰς τὴν ὑποεπιτροπὴν ἀφοπλισμοῦ ἐδήλωσεν ὅτι ἡ Ρωσσία ἐλπίζει νὰ ἐπιτευχθῇ συμφωνία διὰ τὸν τερματισμὸν τῶν πυρηνικῶν δοκιμῶν.

ΕΙΚΟΣΑΕΤΕΣ ΠΡΟΓΡΑΜΜΑ ΔΙΑ ΝΑ ΜΕΤΑΣΧΗΜΕΝ ΤΗΝ ΖΩΝΗΝ ΕΛΕΥΘΕΡΩΝ ΣΥΝΑΛΛΑΓΩΝ ΕΥΡΩΠΗΣ

ΑΘΗΝΑΙ, 9. — Κατὰ πληροφορίας ἐκ Παρισίων, ἡ κυβέρνησις ὑπέβαλεν εἰκοσαετὲς πρόγραμμα προσαρμογῆς τῆς ἑλληνικῆς οἰκονομίας εἰς τὴν ζώνην ἐλευθέρων συναλλαγῶν τῆς Εὐρώπης.

ΑΘΗΝΑΙ, 9. — Κατὰ πληροφορίας ἐκ Παρισίων, ἡ κυβέρνησις ὑπέβαλεν εἰκοσαετὲς πρόγραμμα προσαρμογῆς τῆς ἑλληνικῆς οἰκονομίας εἰς τὴν ζώνην ἐλευθέρων συναλλαγῶν τῆς Εὐρώπης.

ΑΘΗΝΑΙ, 9. — Κατὰ πληροφορίας ἐκ Παρισίων, ἡ κυβέρνησις ὑπέβαλεν εἰκοσαετὲς πρόγραμμα προσαρμογῆς τῆς ἑλληνικῆς οἰκονομίας εἰς τὴν ζώνην ἐλευθέρων συναλλαγῶν τῆς Εὐρώπης.

ΑΘΗΝΑΙ, 9. — Κατὰ πληροφορίας ἐκ Παρισίων, ἡ κυβέρνησις ὑπέβαλεν εἰκοσαετὲς πρόγραμμα προσαρμογῆς τῆς ἑλληνικῆς οἰκονομίας εἰς τὴν ζώνην ἐλευθέρων συναλλαγῶν τῆς Εὐρώπης.

ΑΘΗΝΑΙ, 9. — Κατὰ πληροφορίας ἐκ Παρισίων, ἡ κυβέρνησις ὑπέβαλεν εἰκοσαετὲς πρόγραμμα προσαρμογῆς τῆς ἑλληνικῆς οἰκονομίας εἰς τὴν ζώνην ἐλευθέρων συναλλαγῶν τῆς Εὐρώπης.

ΑΘΗΝΑΙ, 9. — Κατὰ πληροφορίας ἐκ Παρισίων, ἡ κυβέρνησις ὑπέβαλεν εἰκοσαετὲς πρόγραμμα προσαρμογῆς τῆς ἑλληνικῆς οἰκονομίας εἰς τὴν ζώνην ἐλευθέρων συναλλαγῶν τῆς Εὐρώπης.

Η «ΕΤΕΡΟΔΙΚΙΑ» ΑΠΕΙΛΗ ΔΙΑ ΤΑΣ ΣΧΕΣΕΙΣ ΜΕΤΑΞΥ ΑΜΕΡΙΚΗΣ ΚΑΙ ΣΥΜΜΑΧΩΝ
Εἶνε κατὸ τῆς ἀναθεωρήσεως τοῦ συστήματος τῶν δικῶν τῶν ἐν τῇ ξένῃ στρατιωτῶν

ΟΥΑΣΙΓΚΤΩΝ, 9. (Ἀσσοσ. Πρεσ.) — Ὁ πρόεδρος Ἀϊζενχάουερ ἐδήλωσεν ὅτι ἡ κατάργησις τῆς ἑτεροδικίας διὰ τοὺς Ἀμερικανοὺς στρατιώτας εἰς ξένας χώρας θὰ ἀπετέλει σοβαρὰν ἀπειλὴν διὰ τὰς σχέσεις μεταξὺ τῶν Ἡνωμένων Πολιτειῶν καὶ τῶν συμμάχων των. Ὁ πρόεδρος ἀπηύθυνεν ἔκκλησιν πρὸς τὸ Κογκρέσσον νὰ μὴ ἐγκρίνῃ τὴν σχετικὴν τροπολογίαν.

ΟΥΑΣΙΓΚΤΩΝ, 9. (Ἀσσοσ. Πρεσ.) — Ὁ πρόεδρος Ἀϊζενχάουερ ἐδήλωσεν ὅτι ἡ κατάργησις τῆς ἑτεροδικίας διὰ τοὺς Ἀμερικανοὺς στρατιώτας εἰς ξένας χώρας θὰ ἀπετέλει σοβαρὰν ἀπειλὴν διὰ τὰς σχέσεις μεταξὺ τῶν Ἡνωμένων Πολιτειῶν καὶ τῶν συμμάχων των. Ὁ πρόεδρος ἀπηύθυνεν ἔκκλησιν πρὸς τὸ Κογκρέσσον νὰ μὴ ἐγκρίνῃ τὴν σχετικὴν τροπολογίαν.

ΔΙΕΣΩΘΗ ΧΘΕΣ ΟΛΟΚΛΗΡΟΝ ΤΟ ΠΛΗΡΩΜΑ ΤΟΥ ΣΟΥΗΔΙΚΟΥ ΦΟΡΤΗΓΟΥ «ΛΑ ΠΛΑΤΑ»
ΑΓΝΟΕΙΤΑΙ ΟΜΩΣ Η ΤΥΧΗ ΤΟΥ ΣΚΑΦΟΥΣ

ΡΙΟ ΙΑΝΕΙΡΟΝ, 9. (Ἀσ. Πρεσ.) — Ὁλόκληρον τὸ πλήρωμα τοῦ σουηδικοῦ φορτηγοῦ «Λὰ Πλάτα» διεσώθη ὑπὸ διερχομένων σκαφῶν. Τὸ φορτηγὸν ὑπέστη σοβαρὰς ζημίας ἐκ τῆς θαλασσοταραχῆς καὶ ἀγνοεῖται ἡ τύχη του.

ΡΙΟ ΙΑΝΕΙΡΟΝ, 9. (Ἀσ. Πρεσ.) — Ὁλόκληρον τὸ πλήρωμα τοῦ σουηδικοῦ φορτηγοῦ «Λὰ Πλάτα» διεσώθη ὑπὸ διερχομένων σκαφῶν. Τὸ φορτηγὸν ὑπέστη σοβαρὰς ζημίας ἐκ τῆς θαλασσοταραχῆς καὶ ἀγνοεῖται ἡ τύχη του.

Η ΓΕΡΟΥΣΙΑ ΣΥΝΕΣΤΗΣΕ ΤΗΝ ΟΡΓΑΝΩΣΙΝ ΔΙΕΘΝΟΥΣ ΑΣΤΥΝΟΜΙΚΗΣ ΔΥΝΑΜΕΩΣ ΩΣ ΜΟΝΙΜΟΥ ΟΠΛΟΥ ΤΩΝ ΗΝΩΜ. ΕΘΝΩΝ

ΟΥΑΣΙΓΚΤΩΝ, 9. (Ἀσ. Πρεσ.) — Ἡ Γερουσία ἐνέκρινε ψήφισμα διὰ τοῦ ὁποίου συνιστᾶται ἡ ὀργάνωσις μονίμου διεθνοῦς ἀστυνομικῆς δυνάμεως ὑπὸ τὰ Ἡνωμένα Ἔθνη.

ΟΥΑΣΙΓΚΤΩΝ, 9. (Ἀσ. Πρεσ.) — Ἡ Γερουσία ἐνέκρινε ψήφισμα διὰ τοῦ ὁποίου συνιστᾶται ἡ ὀργάνωσις μονίμου διεθνοῦς ἀστυνομικῆς δυνάμεως ὑπὸ τὰ Ἡνωμένα Ἔθνη.

ΑΥΞΑΝΕΙ ΣΥΝΕΧΩΣ ΤΟ ΕΝΔΙΑΦΕΡΟΝ ΤΟΥ ΤΙΤΟ ΔΙΑ ΤΗΝ ΜΕΣΗΝ ΑΝΑΤΟΛΗΝ
ΑΙ ΣΥΝΟΜΙΛΙΑΙ ΜΕΤΑ ΤΗΣ ΣΥΡΙΑΣ

ΒΕΛΙΓΡΑΔΙΟΝ, 9. (Ρώυτερ). — Ὁ στρατάρχης Τίτο ἐδέχθη τὸν ὑπουργὸν Ἐξωτερικῶν τῆς Συρίας μετὰ τοῦ ὁποίου συνεζήτησε τὰ προβλήματα τῆς Μέσης Ἀνατολῆς.

ΒΕΛΙΓΡΑΔΙΟΝ, 9. (Ρώυτερ). — Ὁ στρατάρχης Τίτο ἐδέχθη τὸν ὑπουργὸν Ἐξωτερικῶν τῆς Συρίας μετὰ τοῦ ὁποίου συνεζήτησε τὰ προβλήματα τῆς Μέσης Ἀνατολῆς.

ΝΑ ΣΥΝΕΧΙΣΘΗ Η ΠΡΟΣ ΤΗΝ ΞΕΝΗΝ ΒΟΗΘΕΙΑ ΔΙΟΤΙ ΕΞΕΛΙΠΕ ΠΛΕΟΝ ΠΑΣΑ ΕΛΠΙΣ ΠΕΡΙ ΕΜΦΑΝΙΣΕΩΣ ΕΙΡΗΝΟΦΙΛΩΝ ΡΩΣΣΩΝ!

ΟΥΑΣΙΓΚΤΩΝ, 9. (Ἀσ. Πρεσ.) — Ὁ ὑπουργὸς Ἐξωτερικῶν κ. Ντάλλες ἐζήτησε ἀπὸ τὸ Κογκρέσσον νὰ ἐγκρίνῃ τὸ πρόγραμμα ξένης βοηθείας.

ΟΥΑΣΙΓΚΤΩΝ, 9. (Ἀσ. Πρεσ.) — Ὁ ὑπουργὸς Ἐξωτερικῶν κ. Ντάλλες ἐζήτησε ἀπὸ τὸ Κογκρέσσον νὰ ἐγκρίνῃ τὸ πρόγραμμα ξένης βοηθείας.

ΔΙΑΚΟΣΙΟΙ ΤΡΕΙΣ ΘΑΝΑΤΟΙ ΜΟΝΟΝ ΕΙΣ ΙΤΑΛΙΑΝ ΑΠΟ ΤΟ ΑΠΟΠΝΙΚΤΙΚΟΝ ΚΥΜΑ ΚΑΥΣΩΝΟΣ
ΕΙΣ ΤΟ ΜΙΛΑΝΟΝ ΔΕΝ ΥΠΗΡΧΟΝ ΧΘΕΣ ΦΕΡΕΤΡΑ

ΡΩΜΗ, 9. (Ρώυτερ). — Κατὰ τὰς τελευταίας ἡμέρας διακόσιοι τρεῖς ἄνθρωποι ἀπέθανον εἰς τὴν Ἰταλίαν ἐκ τοῦ καύσωνος. Εἰς τὸ Μιλάνον δὲν ὑπῆρχον χθὲς φέρετρα.

ΡΩΜΗ, 9. (Ρώυτερ). — Κατὰ τὰς τελευταίας ἡμέρας διακόσιοι τρεῖς ἄνθρωποι ἀπέθανον εἰς τὴν Ἰταλίαν ἐκ τοῦ καύσωνος. Εἰς τὸ Μιλάνον δὲν ὑπῆρχον χθὲς φέρετρα.

ΤΗΝ 14ΗΝ ΙΟΥΛΙΟΥ ΜΕΤΑΒΑΙΝΟΥΝ ΕΙΣ ΤΟ ΚΑ-Ι-ΡΟΝ Ο ΠΡΩΘΥΠΟΥΡΓΟΣ ΚΑΙ Ο ΥΠΟΥΡΓΟΣ ΤΩΝ ΕΞΩΤΕΡΙΚΩΝ

ΑΘΗΝΑΙ, 9. — Ἀνηγγέλθη ἐπισήμως ὅτι ὁ πρωθυπουργὸς καὶ ὁ ὑπουργὸς τῶν Ἐξωτερικῶν θὰ μεταβοῦν εἰς τὸ Κάιρον τὴν 14ην Ἰουλίου.

ΤΟ ΚΑ-Ι-ΡΟΝ ΕΠΙΒΕΒΑΙΟΙ

ΑΘΗΝΑΙ, 9. — Ἀνηγγέλθη ἐπισήμως ὅτι ὁ πρωθυπουργὸς καὶ ὁ ὑπουργὸς τῶν Ἐξωτερικῶν θὰ μεταβοῦν εἰς τὸ Κάιρον τὴν 14ην Ἰουλίου.

ΠΩΣ ΔΙΚΑΙΟΛΟΓΕΙ ΤΗΝ ΜΕΤΑΣΤΑΣΙΝ ΤΟΥ κ. ΣΤΑΜΑΤΗΣ

ΑΘΗΝΑΙ, 9. — Ὁ πρώην ὑπουργὸς κ. Σταμάτης ἐξέδωκε δήλωσιν διὰ τῆς ὁποίας ἐξηγεῖ τοὺς λόγους τῆς μεταστάσεώς του.

ΑΘΗΝΑΙ, 9. — Ὁ πρώην ὑπουργὸς κ. Σταμάτης ἐξέδωκε δήλωσιν διὰ τῆς ὁποίας ἐξηγεῖ τοὺς λόγους τῆς μεταστάσεώς του.

ΑΘΗΝΑΙ, 9. — Ὁ πρώην ὑπουργὸς κ. Σταμάτης ἐξέδωκε δήλωσιν διὰ τῆς ὁποίας ἐξηγεῖ τοὺς λόγους τῆς μεταστάσεώς του.

ΑΘΗΝΑΙ, 9. — Ὁ πρώην ὑπουργὸς κ. Σταμάτης ἐξέδωκε δήλωσιν διὰ τῆς ὁποίας ἐξηγεῖ τοὺς λόγους τῆς μεταστάσεώς του.

ΕΝΕΧΕΙΡΗΘΗ ΕΙΣ ΤΟΝ ΕΓΚΕΦΑΛΟΝ ΕΙΣ ΚΛΙΝΙΚΗΝ ΤΗΣ ΣΤΟΚΧΟΛΜΗΣ Ο ΑΡΧΙΕΠΙΣΚΟΠΟΣ ΑΘΗΝΩΝ ΔΩΡΟΘΕΟΣ

ΑΘΗΝΑΙ, 9. — Ὁ Ἀρχιεπίσκοπος Ἀθηνῶν Δωρόθεος ὑπεβλήθη εἰς ἐγχείρησιν εἰς τὸν ἐγκέφαλον εἰς κλινικὴν τῆς Στοκχόλμης. Ἡ κατάστασίς του χαρακτηρίζεται ὡς ἱκανοποιητική.

ΑΘΗΝΑΙ, 9. — Ὁ Ἀρχιεπίσκοπος Ἀθηνῶν Δωρόθεος ὑπεβλήθη εἰς ἐγχείρησιν εἰς τὸν ἐγκέφαλον εἰς κλινικὴν τῆς Στοκχόλμης. Ἡ κατάστασίς του χαρακτηρίζεται ὡς ἱκανοποιητική.

ΣΑΦΗΣ ΒΕΛΤΙΩΣΙΣ

ΑΘΗΝΑΙ, 9. — Ὁ Ἀρχιεπίσκοπος Ἀθηνῶν Δωρόθεος ὑπεβλήθη εἰς ἐγχείρησιν εἰς τὸν ἐγκέφαλον εἰς κλινικὴν τῆς Στοκχόλμης. Ἡ κατάστασίς του χαρακτηρίζεται ὡς ἱκανοποιητική.

ΑΘΗΝΑΙ, 9. — Ὁ Ἀρχιεπίσκοπος Ἀθηνῶν Δωρόθεος ὑπεβλήθη εἰς ἐγχείρησιν εἰς τὸν ἐγκέφαλον εἰς κλινικὴν τῆς Στοκχόλμης. Ἡ κατάστασίς του χαρακτηρίζεται ὡς ἱκανοποιητική.
